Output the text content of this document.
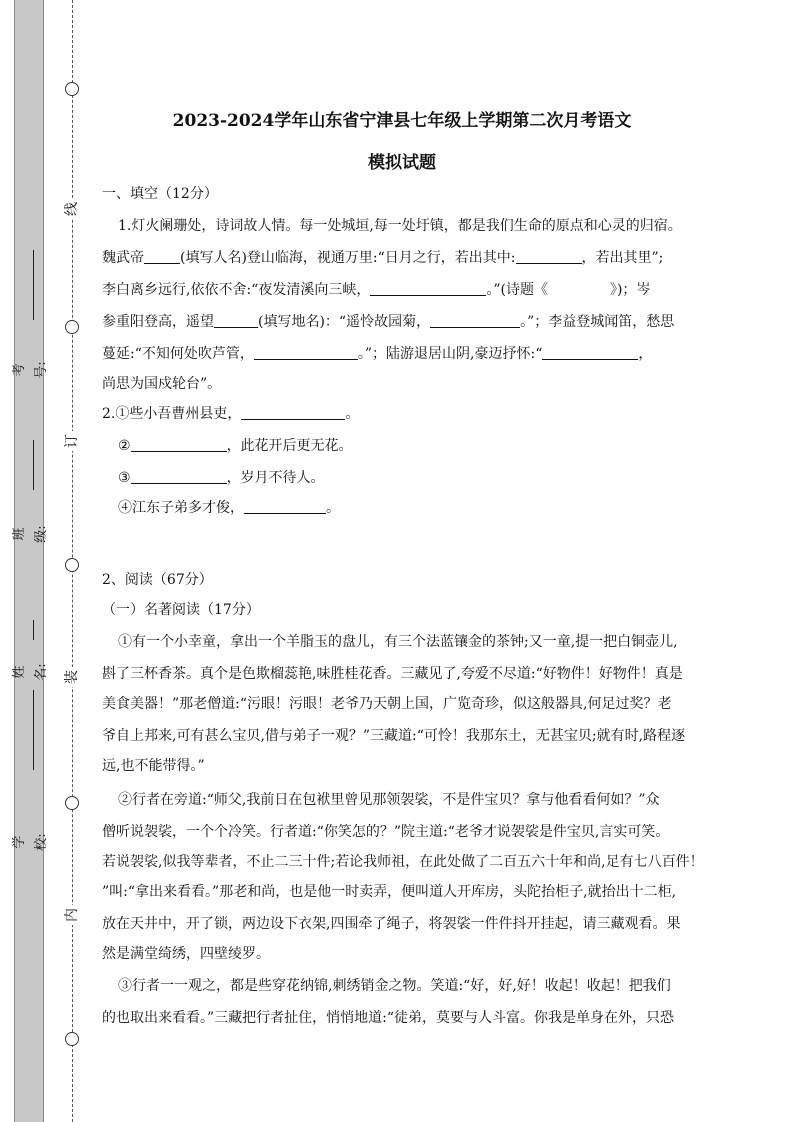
线
订
装
内
考号:
班级:
姓名:
学校:
2023-2024学年山东省宁津县七年级上学期第二次月考语文
模拟试题
一、填空（12分）
1.灯火阑珊处，诗词故人情。每一处城垣,每一处圩镇，都是我们生命的原点和心灵的归宿。
魏武帝	(填写人名)登山临海，视通万里:“日月之行，若出其中:	，若出其里”;
李白离乡远行,依依不舍:“夜发清溪向三峡，	。”(诗题《	》)；岑
参重阳登高，遥望	(填写地名)：“遥怜故园菊，	。”；李益登城闻笛，愁思
蔓延:“不知何处吹芦管，	。”；陆游退居山阴,豪迈抒怀:“	，
尚思为国戍轮台”。
2.①些小吾曹州县吏，	。
②	，此花开后更无花。
③	，岁月不待人。
④江东子弟多才俊，	。
2、阅读（67分）
（一）名著阅读（17分）
①有一个小幸童，拿出一个羊脂玉的盘儿，有三个法蓝镶金的茶钟;又一童,提一把白铜壶儿,
斟了三杯香茶。真个是色欺榴蕊艳,味胜桂花香。三藏见了,夸爱不尽道:“好物件！好物件！真是
美食美器！”那老僧道:“污眼！污眼！老爷乃天朝上国，广览奇珍，似这般器具,何足过奖？老
爷自上邦来,可有甚么宝贝,借与弟子一观？”三藏道:“可怜！我那东土，无甚宝贝;就有时,路程逐
远,也不能带得。”
②行者在旁道:“师父,我前日在包袱里曾见那领袈裟，不是件宝贝？拿与他看看何如？”众
僧听说袈裟，一个个冷笑。行者道:“你笑怎的？”院主道:“老爷才说袈裟是件宝贝,言实可笑。
若说袈裟,似我等辈者，不止二三十件;若论我师祖，在此处做了二百五六十年和尚,足有七八百件！
”叫:“拿出来看看。”那老和尚，也是他一时卖弄，便叫道人开库房，头陀抬柜子,就抬出十二柜,
放在天井中，开了锁，两边设下衣架,四围牵了绳子，将袈裟一件件抖开挂起，请三藏观看。果
然是满堂绮绣，四壁绫罗。
③行者一一观之，都是些穿花纳锦,刺绣销金之物。笑道:“好，好,好！收起！收起！把我们
的也取出来看看。”三藏把行者扯住，悄悄地道:“徒弟，莫要与人斗富。你我是单身在外，只恐
